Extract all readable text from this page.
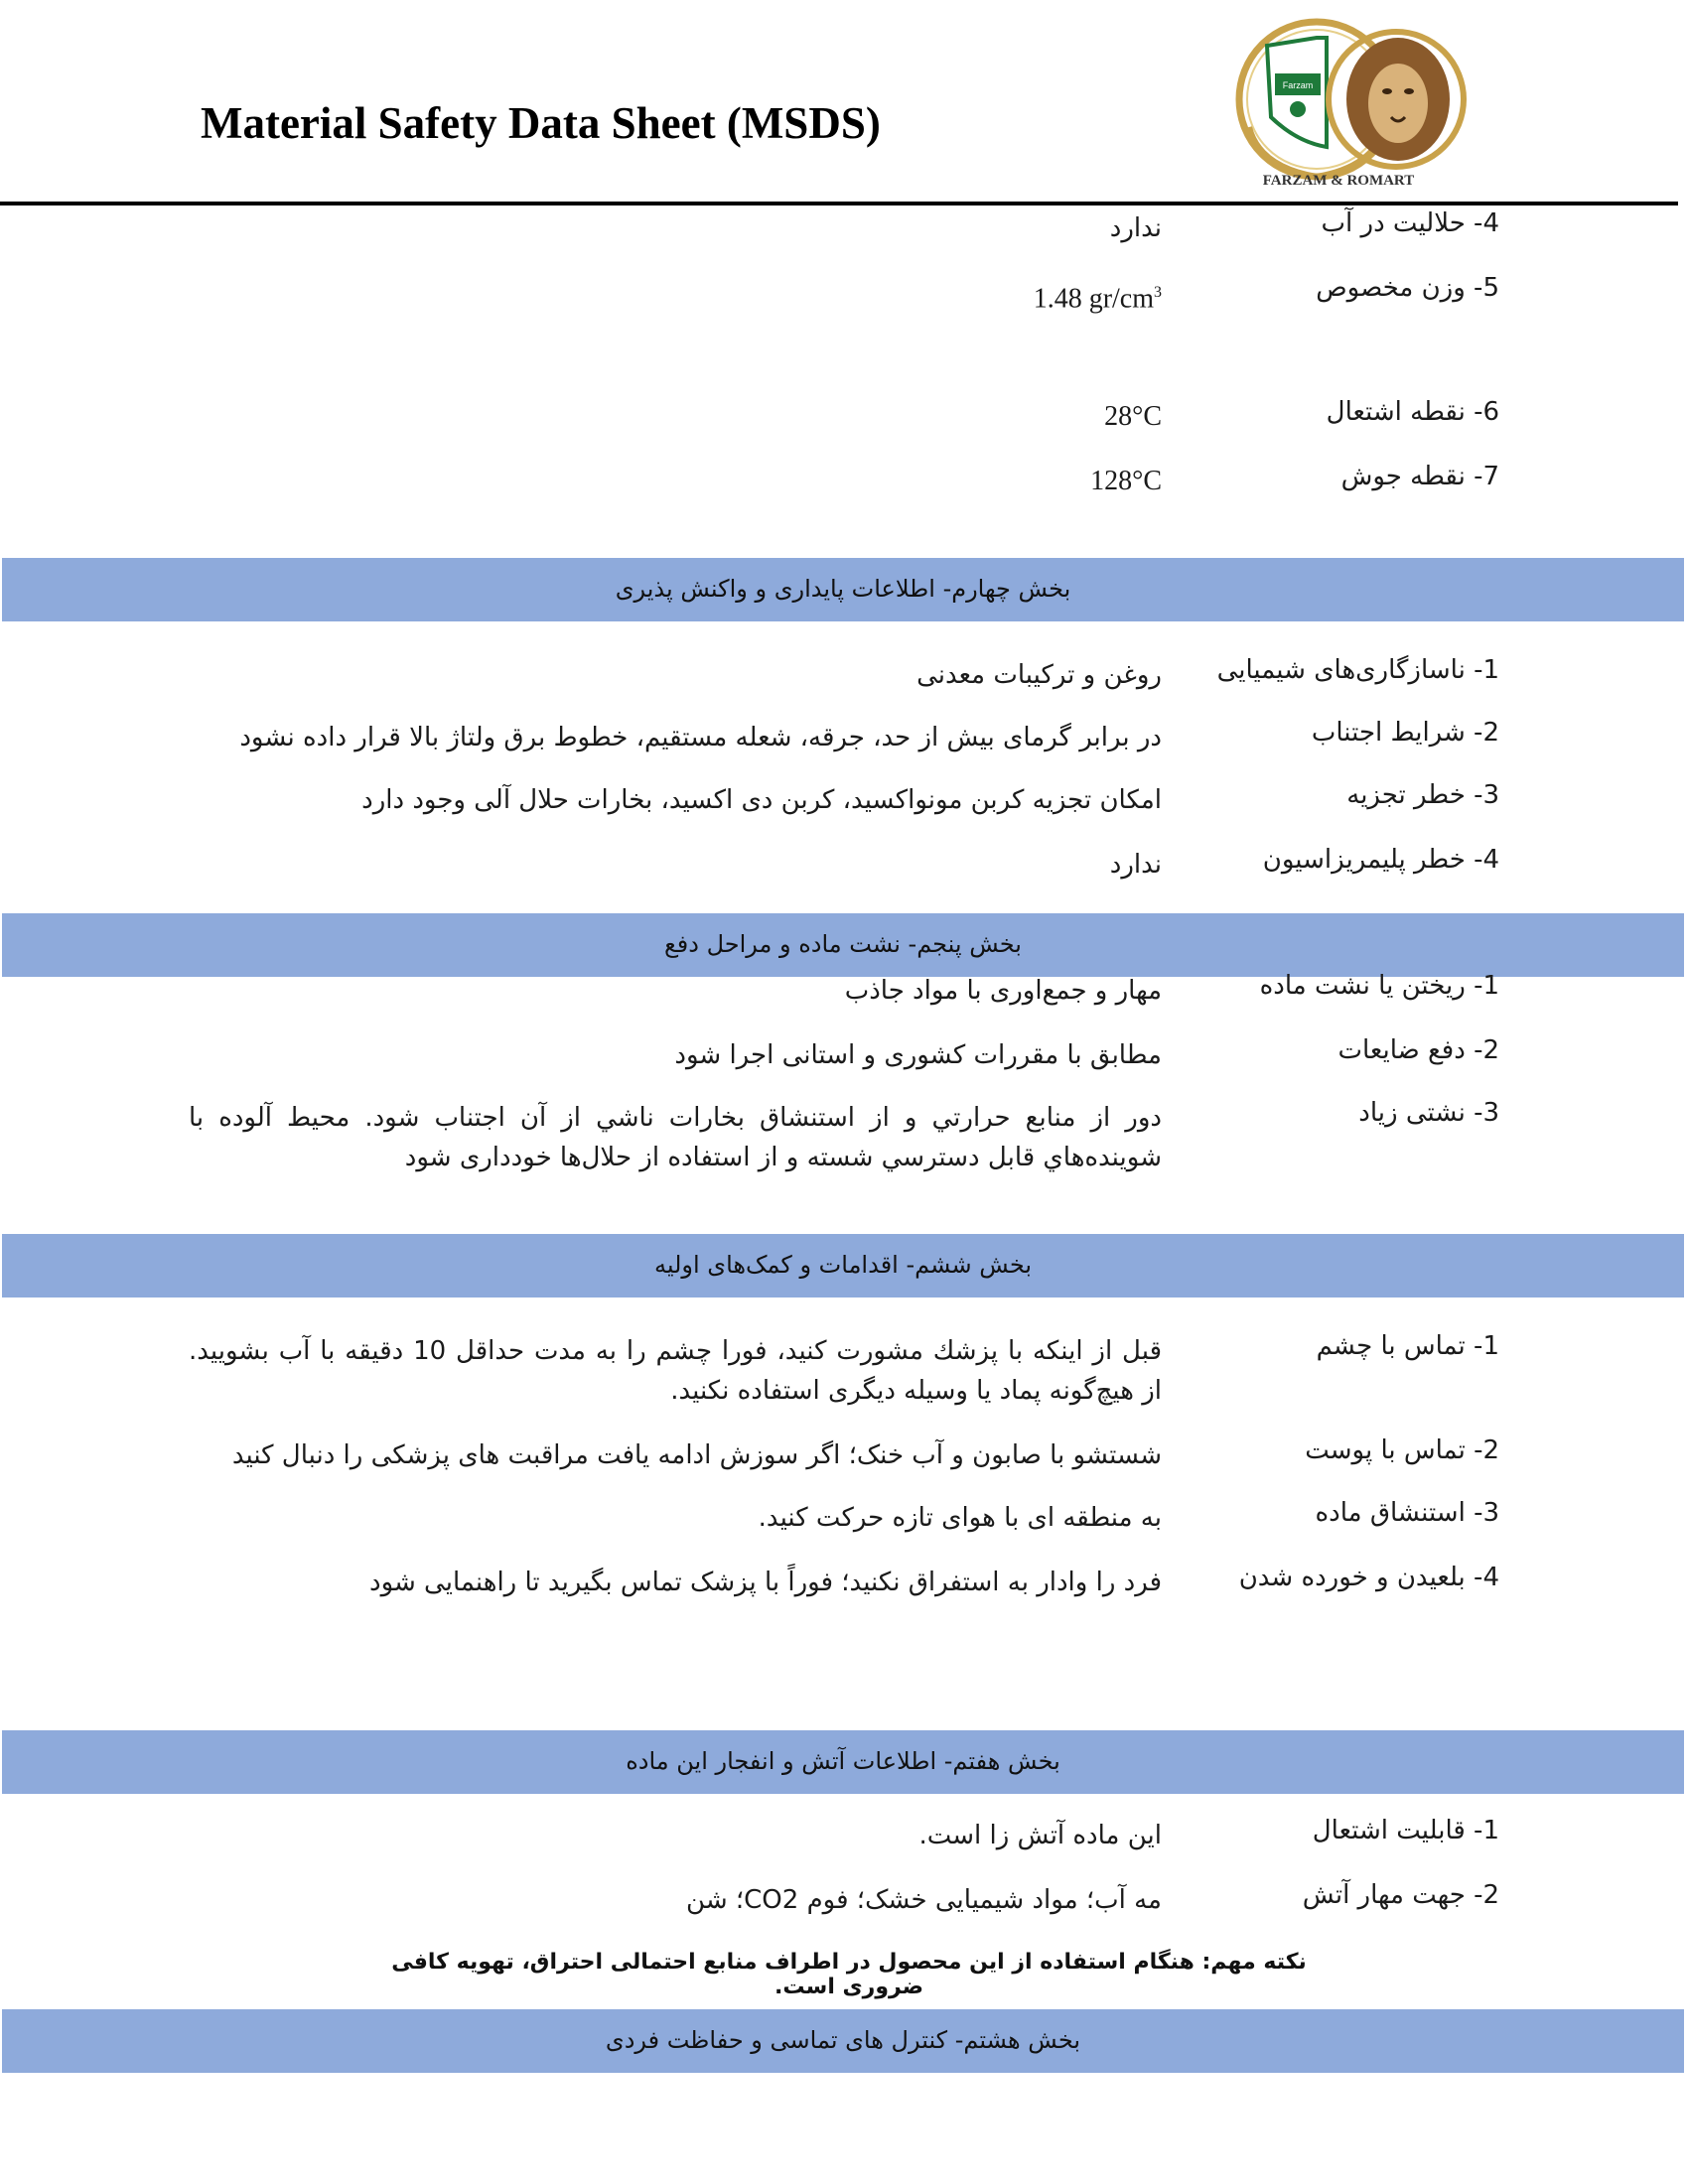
Material Safety Data Sheet (MSDS)
Farzam
FARZAM & ROMART
4- حلالیت در آب
ندارد
5- وزن مخصوص
1.48 $gr/cm^3$
6- نقطه اشتعال
28°C
7- نقطه جوش
128°C
بخش چهارم- اطلاعات پایداری و واکنش پذیری
1- ناسازگاری‌های شیمیایی
روغن و ترکیبات معدنی
2- شرایط اجتناب
در برابر گرمای بیش از حد، جرقه، شعله مستقیم، خطوط برق ولتاژ بالا قرار داده نشود
3- خطر تجزیه
امکان تجزیه کربن مونواکسید، کربن دی اکسید، بخارات حلال آلی وجود دارد
4- خطر پلیمریزاسیون
ندارد
بخش پنجم- نشت ماده و مراحل دفع
1- ریختن یا نشت ماده
مهار و جمع‌اوری با مواد جاذب
2- دفع ضایعات
مطابق با مقررات کشوری و استانی اجرا شود
3- نشتی زیاد
دور از منابع حرارتي و از استنشاق بخارات ناشي از آن اجتناب شود. محيط آلوده با شوينده‌هاي قابل دسترسي شسته و از استفاده از حلال‌ها خودداری شود
بخش ششم- اقدامات و کمک‌های اولیه
1- تماس با چشم
قبل از اینکه با پزشك مشورت کنید، فورا چشم را به مدت حداقل 10 دقیقه با آب بشویید. از هیچ‌گونه پماد یا وسیله دیگری استفاده نکنید.
2- تماس با پوست
شستشو با صابون و آب خنک؛ اگر سوزش ادامه یافت مراقبت های پزشکی را دنبال کنید
3- استنشاق ماده
به منطقه ای با هوای تازه حرکت کنید.
4- بلعیدن و خورده شدن
فرد را وادار به استفراق نکنید؛ فوراً با پزشک تماس بگیرید تا راهنمایی شود
بخش هفتم- اطلاعات آتش و انفجار این ماده
1- قابلیت اشتعال
این ماده آتش زا است.
2- جهت مهار آتش
مه آب؛ مواد شیمیایی خشک؛ فوم CO2؛ شن
نکته مهم: هنگام استفاده از این محصول در اطراف منابع احتمالی احتراق، تهویه کافی ضروری است.
بخش هشتم- کنترل های تماسی و حفاظت فردی
